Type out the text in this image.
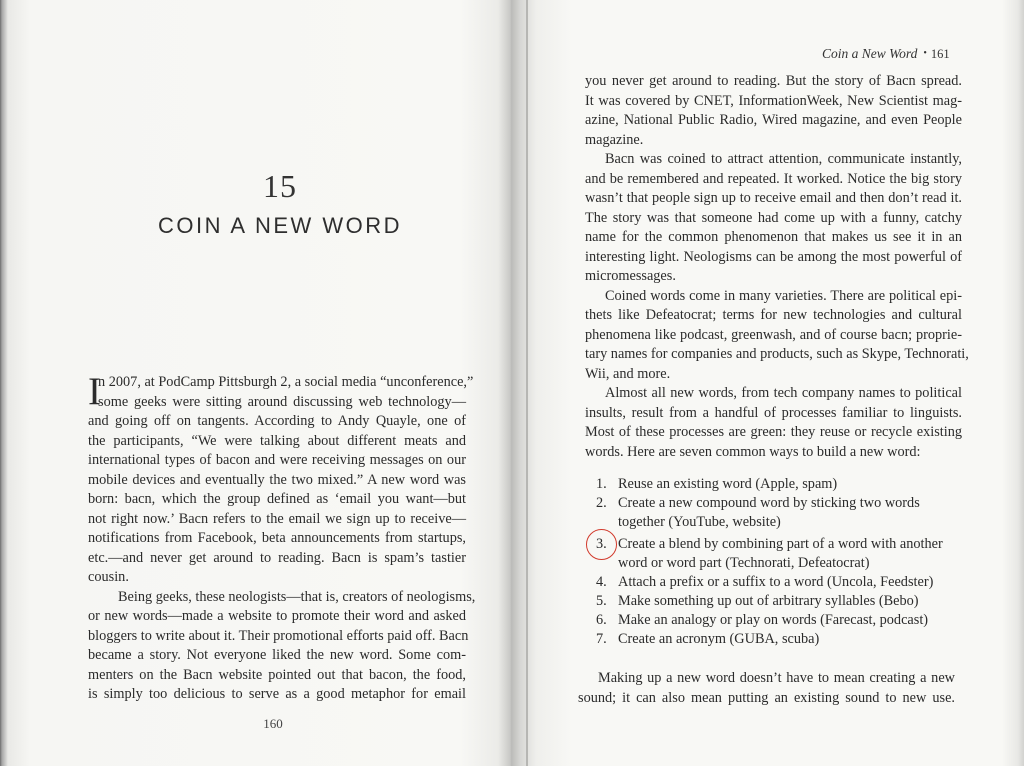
15
COIN A NEW WORD
I
n 2007, at PodCamp Pittsburgh 2, a social media “unconference,”
some geeks were sitting around discussing web technology—
and going off on tangents. According to Andy Quayle, one of
the participants, “We were talking about different meats and
international types of bacon and were receiving messages on our
mobile devices and eventually the two mixed.” A new word was
born: bacn, which the group defined as ‘email you want—but
not right now.’ Bacn refers to the email we sign up to receive—
notifications from Facebook, beta announcements from startups,
etc.—and never get around to reading. Bacn is spam’s tastier
cousin.
Being geeks, these neologists—that is, creators of neologisms,
or new words—made a website to promote their word and asked
bloggers to write about it. Their promotional efforts paid off. Bacn
became a story. Not everyone liked the new word. Some com-
menters on the Bacn website pointed out that bacon, the food,
is simply too delicious to serve as a good metaphor for email
160
Coin a New Word • 161
you never get around to reading. But the story of Bacn spread.
It was covered by CNET, InformationWeek, New Scientist mag-
azine, National Public Radio, Wired magazine, and even People
magazine.
Bacn was coined to attract attention, communicate instantly,
and be remembered and repeated. It worked. Notice the big story
wasn’t that people sign up to receive email and then don’t read it.
The story was that someone had come up with a funny, catchy
name for the common phenomenon that makes us see it in an
interesting light. Neologisms can be among the most powerful of
micromessages.
Coined words come in many varieties. There are political epi-
thets like Defeatocrat; terms for new technologies and cultural
phenomena like podcast, greenwash, and of course bacn; proprie-
tary names for companies and products, such as Skype, Technorati,
Wii, and more.
Almost all new words, from tech company names to political
insults, result from a handful of processes familiar to linguists.
Most of these processes are green: they reuse or recycle existing
words. Here are seven common ways to build a new word:
1. Reuse an existing word (Apple, spam)
2. Create a new compound word by sticking two words
together (YouTube, website)
3. Create a blend by combining part of a word with another
word or word part (Technorati, Defeatocrat)
4. Attach a prefix or a suffix to a word (Uncola, Feedster)
5. Make something up out of arbitrary syllables (Bebo)
6. Make an analogy or play on words (Farecast, podcast)
7. Create an acronym (GUBA, scuba)
Making up a new word doesn’t have to mean creating a new
sound; it can also mean putting an existing sound to new use.
